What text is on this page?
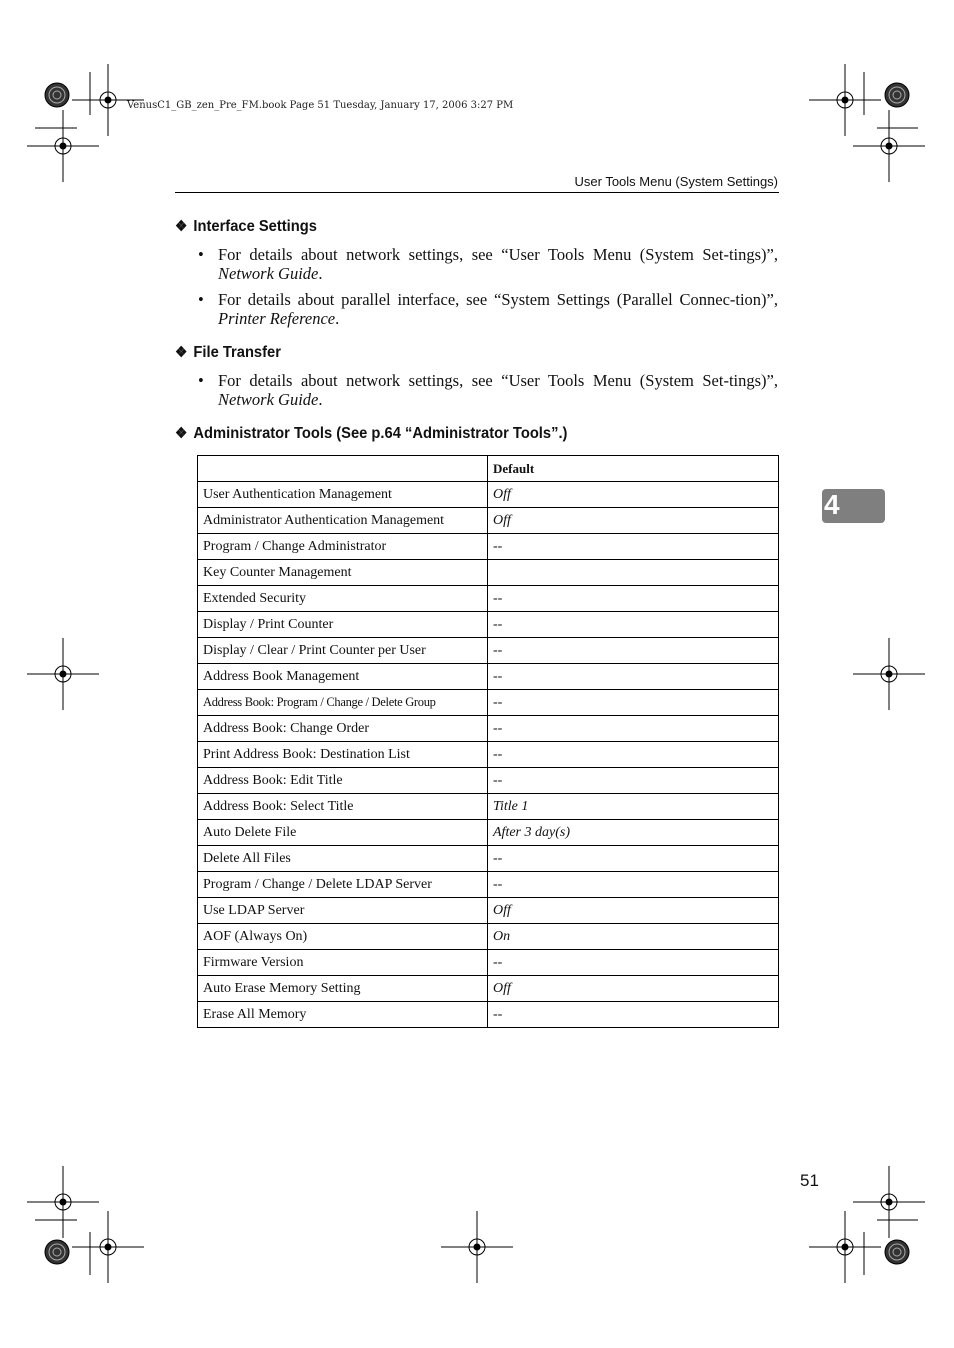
VenusC1_GB_zen_Pre_FM.book Page 51 Tuesday, January 17, 2006 3:27 PM
User Tools Menu (System Settings)
❖ Interface Settings
• For details about network settings, see “User Tools Menu (System Set-tings)”, Network Guide.
• For details about parallel interface, see “System Settings (Parallel Connec-tion)”, Printer Reference.
❖ File Transfer
• For details about network settings, see “User Tools Menu (System Set-tings)”, Network Guide.
❖ Administrator Tools (See p.64 “Administrator Tools”.)
	Default
User Authentication Management	Off
Administrator Authentication Management	Off
Program / Change Administrator	--
Key Counter Management	
Extended Security	--
Display / Print Counter	--
Display / Clear / Print Counter per User	--
Address Book Management	--
Address Book: Program / Change / Delete Group	--
Address Book: Change Order	--
Print Address Book: Destination List	--
Address Book: Edit Title	--
Address Book: Select Title	Title 1
Auto Delete File	After 3 day(s)
Delete All Files	--
Program / Change / Delete LDAP Server	--
Use LDAP Server	Off
AOF (Always On)	On
Firmware Version	--
Auto Erase Memory Setting	Off
Erase All Memory	--
4
51
